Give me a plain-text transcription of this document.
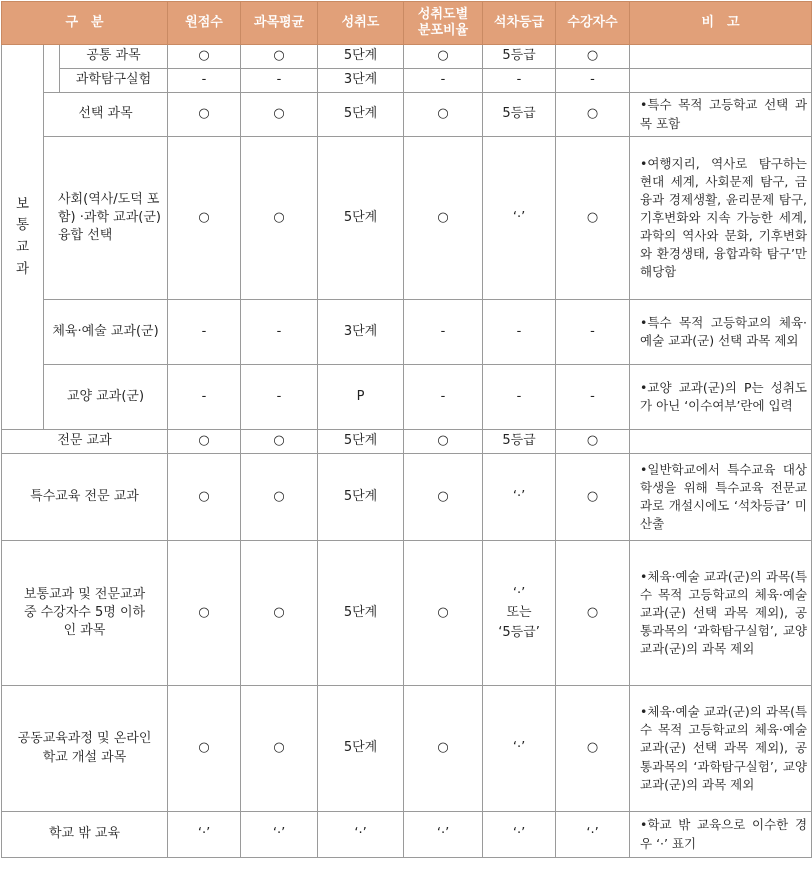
구　분			원점수	과목평균	성취도	성취도별
분포비율	석차등급	수강자수	비　고
보
통
교
과		공통 과목	○	○	5단계	○	5등급	○	
		과학탐구실험	-	-	3단계	-	-	-	
	선택 과목		○	○	5단계	○	5등급	○	•특수 목적 고등학교 선택 과목 포함
	사회(역사/도덕 포함) ·과학 교과(군) 융합 선택		○	○	5단계	○	‘·’	○	•여행지리, 역사로 탐구하는 현대 세계, 사회문제 탐구, 금융과 경제생활, 윤리문제 탐구, 기후변화와 지속 가능한 세계, 과학의 역사와 문화, 기후변화와 환경생태, 융합과학 탐구’만 해당함
	체육·예술 교과(군)		-	-	3단계	-	-	-	•특수 목적 고등학교의 체육·예술 교과(군) 선택 과목 제외
	교양 교과(군)		-	-	P	-	-	-	•교양 교과(군)의 P는 성취도가 아닌 ‘이수여부’란에 입력
전문 교과			○	○	5단계	○	5등급	○	
특수교육 전문 교과			○	○	5단계	○	‘·’	○	•일반학교에서 특수교육 대상 학생을 위해 특수교육 전문교과로 개설시에도 ‘석차등급’ 미산출
보통교과 및 전문교과 중 수강자수 5명 이하인 과목			○	○	5단계	○	‘·’
또는
‘5등급’	○	•체육·예술 교과(군)의 과목(특수 목적 고등학교의 체육·예술 교과(군) 선택 과목 제외), 공통과목의 ‘과학탐구실험’, 교양 교과(군)의 과목 제외
공동교육과정 및 온라인학교 개설 과목			○	○	5단계	○	‘·’	○	•체육·예술 교과(군)의 과목(특수 목적 고등학교의 체육·예술 교과(군) 선택 과목 제외), 공통과목의 ‘과학탐구실험’, 교양 교과(군)의 과목 제외
학교 밖 교육			‘·’	‘·’	‘·’	‘·’	‘·’	‘·’	•학교 밖 교육으로 이수한 경우 ‘·’ 표기
